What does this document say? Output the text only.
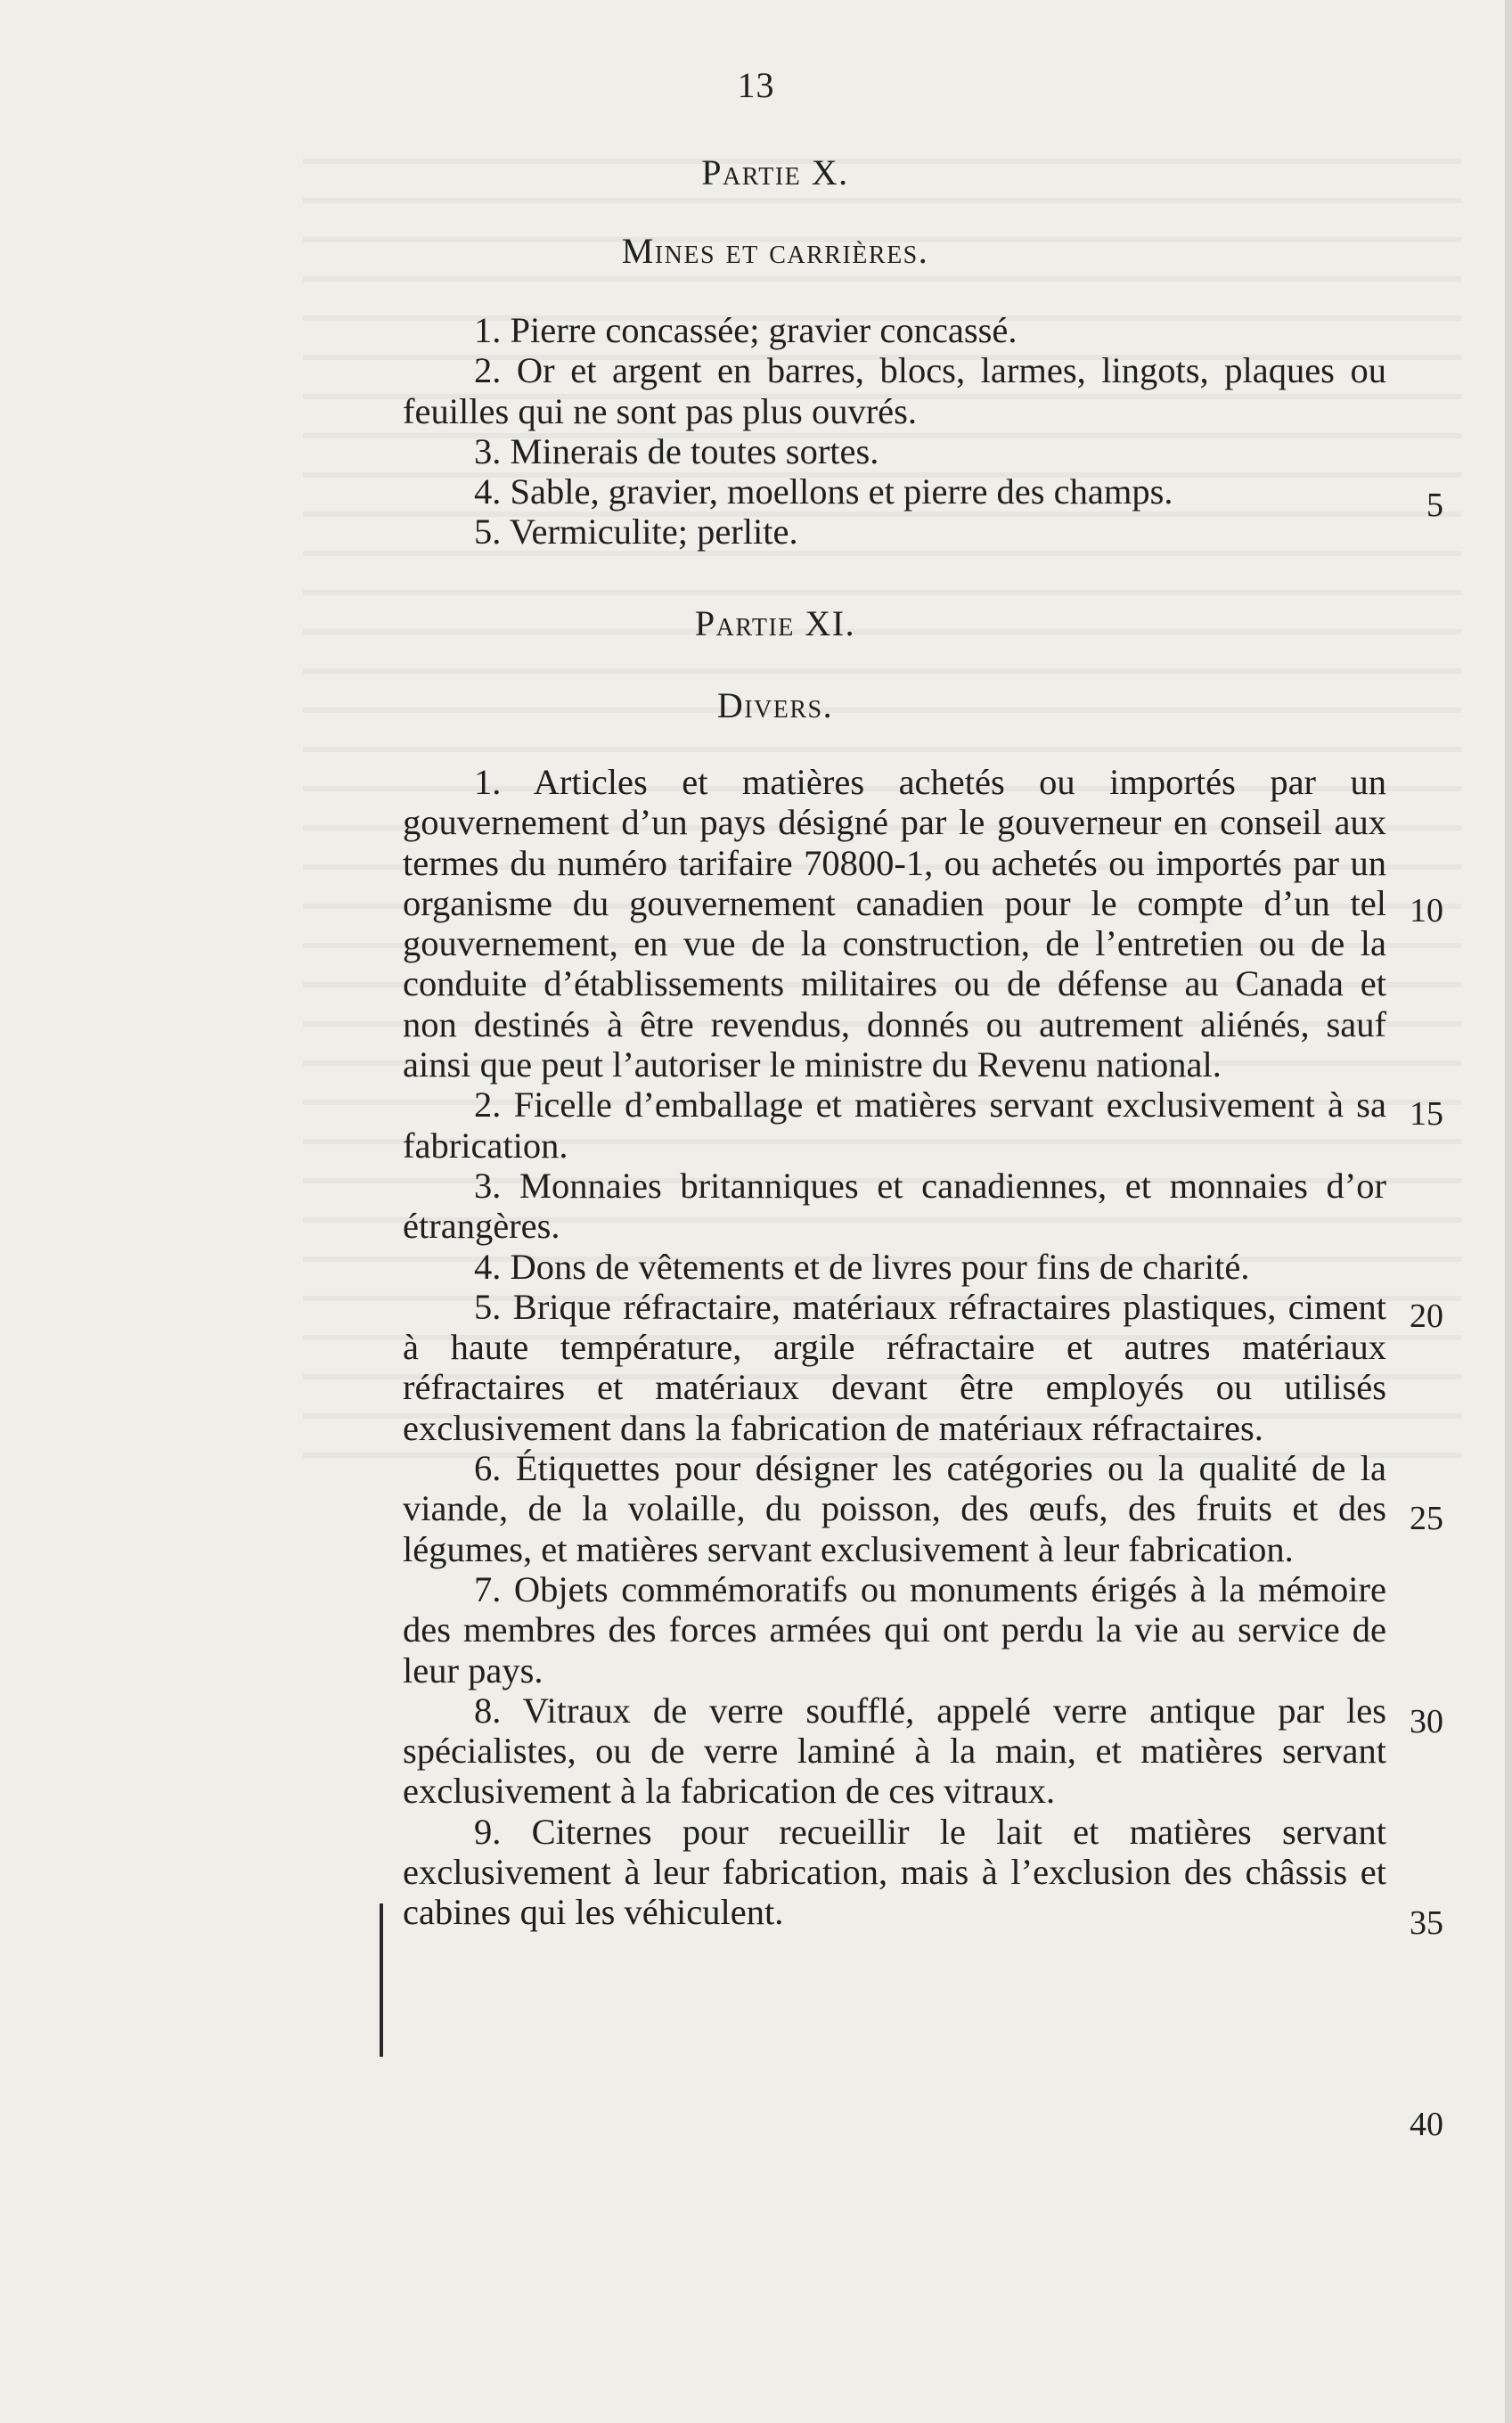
13
Partie X.
Mines et carrières.

1. Pierre concassée; gravier concassé.

2. Or et argent en barres, blocs, larmes, lingots, plaques ou feuilles qui ne sont pas plus ouvrés.

3. Minerais de toutes sortes.

4. Sable, gravier, moellons et pierre des champs.

5. Vermiculite; perlite.

Partie XI.
Divers.

1. Articles et matières achetés ou importés par un gouvernement d’un pays désigné par le gouverneur en conseil aux termes du numéro tarifaire 70800-1, ou achetés ou importés par un organisme du gouvernement canadien pour le compte d’un tel gouvernement, en vue de la construction, de l’entretien ou de la conduite d’établissements militaires ou de défense au Canada et non destinés à être revendus, donnés ou autrement aliénés, sauf ainsi que peut l’autoriser le ministre du Revenu national.

2. Ficelle d’emballage et matières servant exclusivement à sa fabrication.

3. Monnaies britanniques et canadiennes, et monnaies d’or étrangères.

4. Dons de vêtements et de livres pour fins de charité.

5. Brique réfractaire, matériaux réfractaires plastiques, ciment à haute température, argile réfractaire et autres matériaux réfractaires et matériaux devant être employés ou utilisés exclusivement dans la fabrication de matériaux réfractaires.

6. Étiquettes pour désigner les catégories ou la qualité de la viande, de la volaille, du poisson, des œufs, des fruits et des légumes, et matières servant exclusivement à leur fabrication.

7. Objets commémoratifs ou monuments érigés à la mémoire des membres des forces armées qui ont perdu la vie au service de leur pays.

8. Vitraux de verre soufflé, appelé verre antique par les spécialistes, ou de verre laminé à la main, et matières servant exclusivement à la fabrication de ces vitraux.

9. Citernes pour recueillir le lait et matières servant exclusivement à leur fabrication, mais à l’exclusion des châssis et cabines qui les véhiculent.

5
10
15
20
25
30
35
40
